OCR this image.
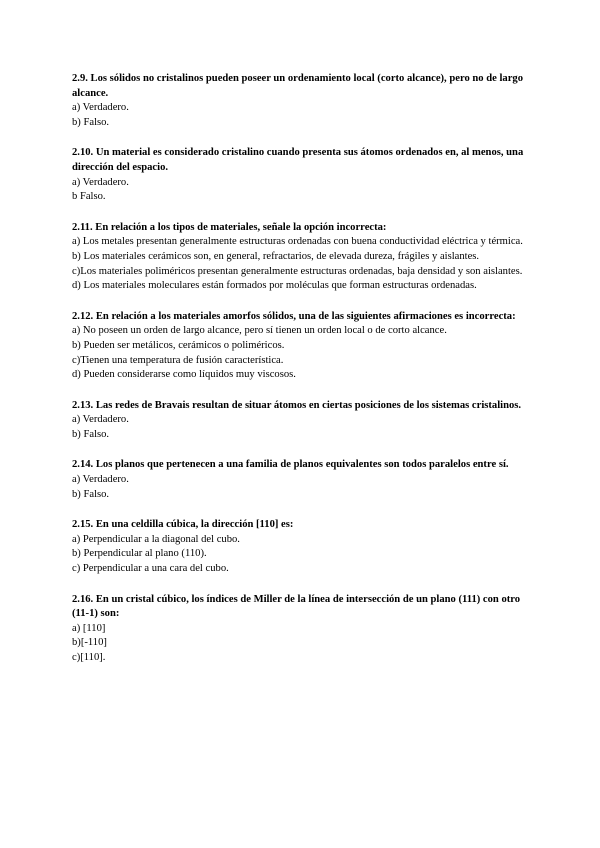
2.9. Los sólidos no cristalinos pueden poseer un ordenamiento local (corto alcance), pero no de largo alcance.

a) Verdadero.

b) Falso.

2.10. Un material es considerado cristalino cuando presenta sus átomos ordenados en, al menos, una dirección del espacio.

a) Verdadero.

b Falso.

2.11. En relación a los tipos de materiales, señale la opción incorrecta:

a) Los metales presentan generalmente estructuras ordenadas con buena conductividad eléctrica y térmica.

b) Los materiales cerámicos son, en general, refractarios, de elevada dureza, frágiles y aislantes.

c)Los materiales poliméricos presentan generalmente estructuras ordenadas, baja densidad y son aislantes.

d) Los materiales moleculares están formados por moléculas que forman estructuras ordenadas.

2.12. En relación a los materiales amorfos sólidos, una de las siguientes afirmaciones es incorrecta:

a) No poseen un orden de largo alcance, pero sí tienen un orden local o de corto alcance.

b) Pueden ser metálicos, cerámicos o poliméricos.

c)Tienen una temperatura de fusión característica.

d) Pueden considerarse como líquidos muy viscosos.

2.13. Las redes de Bravais resultan de situar átomos en ciertas posiciones de los sistemas cristalinos.

a) Verdadero.

b) Falso.

2.14. Los planos que pertenecen a una familia de planos equivalentes son todos paralelos entre sí.

a) Verdadero.

b) Falso.

2.15. En una celdilla cúbica, la dirección [110] es:

a) Perpendicular a la diagonal del cubo.

b) Perpendicular al plano (110).

c) Perpendicular a una cara del cubo.

2.16. En un cristal cúbico, los índices de Miller de la línea de intersección de un plano (111) con otro (11-1) son:

a) [110]

b)[-110]

c)[110].
